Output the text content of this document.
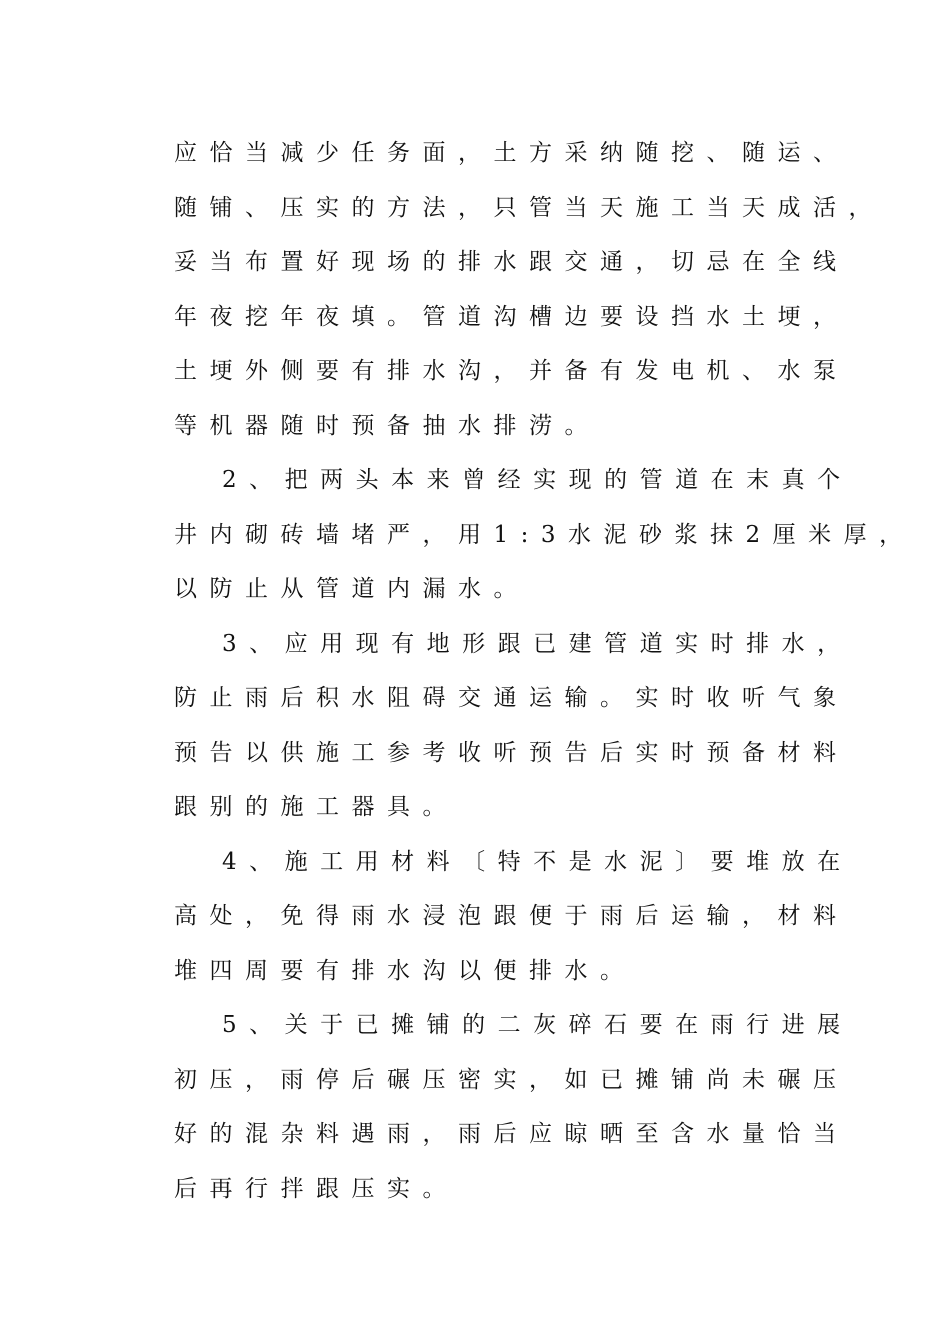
应恰当减少任务面，土方采纳随挖、随运、
随铺、压实的方法，只管当天施工当天成活，
妥当布置好现场的排水跟交通，切忌在全线
年夜挖年夜填。管道沟槽边要设挡水土埂，
土埂外侧要有排水沟，并备有发电机、水泵
等机器随时预备抽水排涝。
2、把两头本来曾经实现的管道在末真个
井内砌砖墙堵严，用1:3水泥砂浆抹2厘米厚，
以防止从管道内漏水。
3、应用现有地形跟已建管道实时排水，
防止雨后积水阻碍交通运输。实时收听气象
预告以供施工参考收听预告后实时预备材料
跟别的施工器具。
4、施工用材料〔特不是水泥〕要堆放在
高处，免得雨水浸泡跟便于雨后运输，材料
堆四周要有排水沟以便排水。
5、关于已摊铺的二灰碎石要在雨行进展
初压，雨停后碾压密实，如已摊铺尚未碾压
好的混杂料遇雨，雨后应晾晒至含水量恰当
后再行拌跟压实。
